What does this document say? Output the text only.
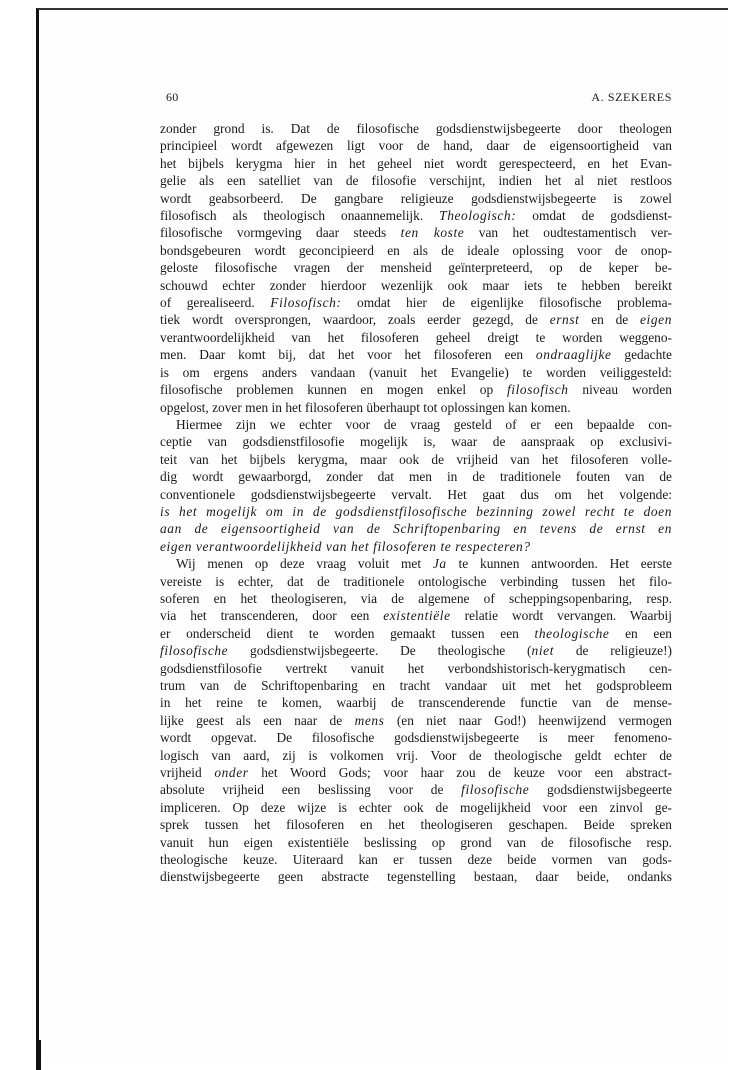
60	A. SZEKERES

zonder grond is. Dat de filosofische godsdienstwijsbegeerte door theologen
principieel wordt afgewezen ligt voor de hand, daar de eigensoortigheid van
het bijbels kerygma hier in het geheel niet wordt gerespecteerd, en het Evan-
gelie als een satelliet van de filosofie verschijnt, indien het al niet restloos
wordt geabsorbeerd. De gangbare religieuze godsdienstwijsbegeerte is zowel
filosofisch als theologisch onaannemelijk. Theologisch: omdat de godsdienst-
filosofische vormgeving daar steeds ten koste van het oudtestamentisch ver-
bondsgebeuren wordt geconcipieerd en als de ideale oplossing voor de onop-
geloste filosofische vragen der mensheid geïnterpreteerd, op de keper be-
schouwd echter zonder hierdoor wezenlijk ook maar iets te hebben bereikt
of gerealiseerd. Filosofisch: omdat hier de eigenlijke filosofische problema-
tiek wordt oversprongen, waardoor, zoals eerder gezegd, de ernst en de eigen
verantwoordelijkheid van het filosoferen geheel dreigt te worden weggeno-
men. Daar komt bij, dat het voor het filosoferen een ondraaglijke gedachte
is om ergens anders vandaan (vanuit het Evangelie) te worden veiliggesteld:
filosofische problemen kunnen en mogen enkel op filosofisch niveau worden
opgelost, zover men in het filosoferen überhaupt tot oplossingen kan komen.

Hiermee zijn we echter voor de vraag gesteld of er een bepaalde con-
ceptie van godsdienstfilosofie mogelijk is, waar de aanspraak op exclusivi-
teit van het bijbels kerygma, maar ook de vrijheid van het filosoferen volle-
dig wordt gewaarborgd, zonder dat men in de traditionele fouten van de
conventionele godsdienstwijsbegeerte vervalt. Het gaat dus om het volgende:
is het mogelijk om in de godsdienstfilosofische bezinning zowel recht te doen
aan de eigensoortigheid van de Schriftopenbaring en tevens de ernst en
eigen verantwoordelijkheid van het filosoferen te respecteren?

Wij menen op deze vraag voluit met Ja te kunnen antwoorden. Het eerste
vereiste is echter, dat de traditionele ontologische verbinding tussen het filo-
soferen en het theologiseren, via de algemene of scheppingsopenbaring, resp.
via het transcenderen, door een existentiële relatie wordt vervangen. Waarbij
er onderscheid dient te worden gemaakt tussen een theologische en een
filosofische godsdienstwijsbegeerte. De theologische (niet de religieuze!)
godsdienstfilosofie vertrekt vanuit het verbondshistorisch-kerygmatisch cen-
trum van de Schriftopenbaring en tracht vandaar uit met het godsprobleem
in het reine te komen, waarbij de transcenderende functie van de mense-
lijke geest als een naar de mens (en niet naar God!) heenwijzend vermogen
wordt opgevat. De filosofische godsdienstwijsbegeerte is meer fenomeno-
logisch van aard, zij is volkomen vrij. Voor de theologische geldt echter de
vrijheid onder het Woord Gods; voor haar zou de keuze voor een abstract-
absolute vrijheid een beslissing voor de filosofische godsdienstwijsbegeerte
impliceren. Op deze wijze is echter ook de mogelijkheid voor een zinvol ge-
sprek tussen het filosoferen en het theologiseren geschapen. Beide spreken
vanuit hun eigen existentiële beslissing op grond van de filosofische resp.
theologische keuze. Uiteraard kan er tussen deze beide vormen van gods-
dienstwijsbegeerte geen abstracte tegenstelling bestaan, daar beide, ondanks
